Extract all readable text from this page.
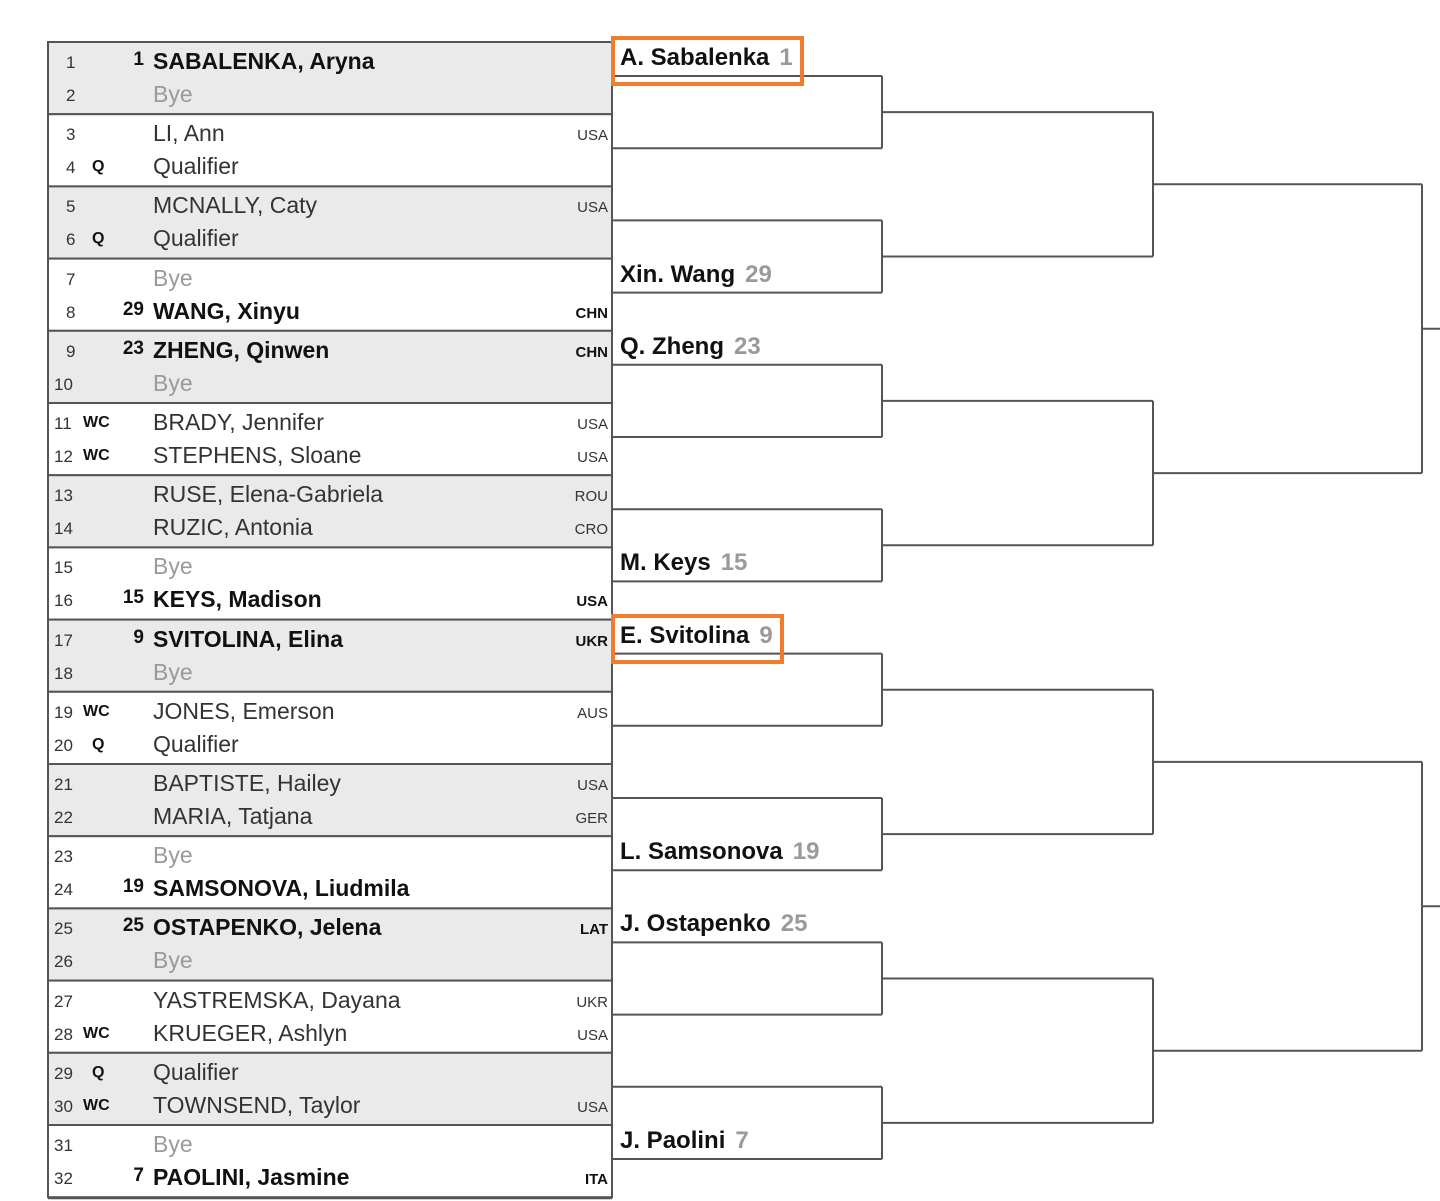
1	1 SABALENKA, Aryna
2	Bye
3	LI, Ann	USA
4 Q Qualifier
5	MCNALLY, Caty	USA
6 Q Qualifier
7	Bye
8	29 WANG, Xinyu	CHN
9	23 ZHENG, Qinwen	CHN
10	Bye
11 WC BRADY, Jennifer	USA
12 WC STEPHENS, Sloane	USA
13	RUSE, Elena-Gabriela	ROU
14	RUZIC, Antonia	CRO
15	Bye
16	15 KEYS, Madison	USA
17	9 SVITOLINA, Elina	UKR
18	Bye
19 WC JONES, Emerson	AUS
20 Q Qualifier
21	BAPTISTE, Hailey	USA
22	MARIA, Tatjana	GER
23	Bye
24	19 SAMSONOVA, Liudmila
25	25 OSTAPENKO, Jelena	LAT
26	Bye
27	YASTREMSKA, Dayana	UKR
28 WC KRUEGER, Ashlyn	USA
29 Q Qualifier
30 WC TOWNSEND, Taylor	USA
31	Bye
32	7 PAOLINI, Jasmine	ITA
A. Sabalenka 1
Xin. Wang 29
Q. Zheng 23
M. Keys 15
E. Svitolina 9
L. Samsonova 19
J. Ostapenko 25
J. Paolini 7
